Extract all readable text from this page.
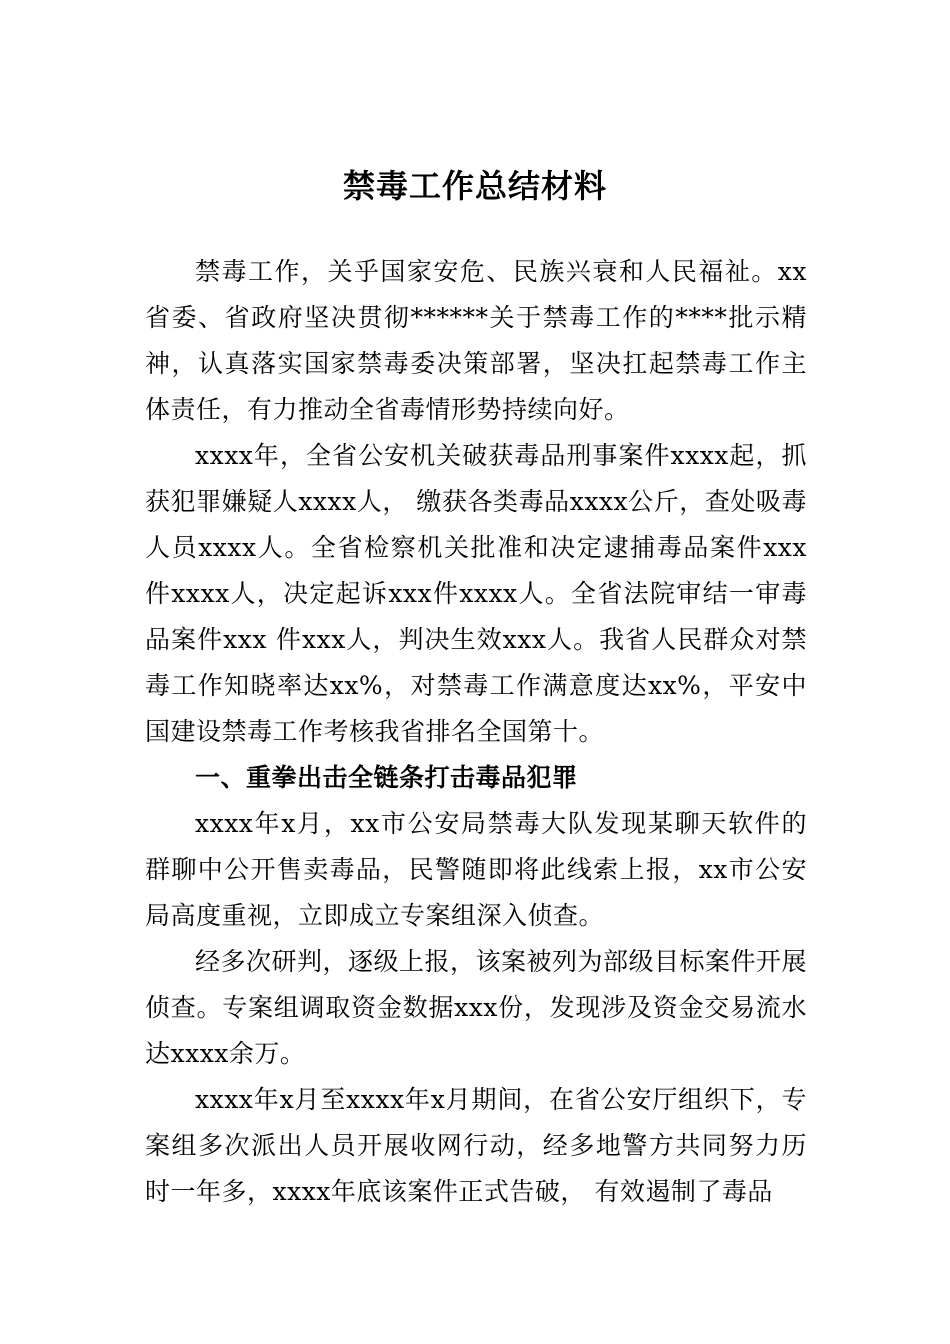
禁毒工作总结材料

禁毒工作，关乎国家安危、民族兴衰和人民福祉。xx省委、省政府坚决贯彻******关于禁毒工作的****批示精神，认真落实国家禁毒委决策部署，坚决扛起禁毒工作主体责任，有力推动全省毒情形势持续向好。

xxxx年，全省公安机关破获毒品刑事案件xxxx起，抓获犯罪嫌疑人xxxx人， 缴获各类毒品xxxx公斤，查处吸毒人员xxxx人。全省检察机关批准和决定逮捕毒品案件xxx件xxxx人，决定起诉xxx件xxxx人。全省法院审结一审毒品案件xxx 件xxx人，判决生效xxx人。我省人民群众对禁毒工作知晓率达xx%，对禁毒工作满意度达xx%，平安中国建设禁毒工作考核我省排名全国第十。

一、重拳出击全链条打击毒品犯罪

xxxx年x月，xx市公安局禁毒大队发现某聊天软件的群聊中公开售卖毒品，民警随即将此线索上报，xx市公安局高度重视，立即成立专案组深入侦查。

经多次研判，逐级上报，该案被列为部级目标案件开展侦查。专案组调取资金数据xxx份，发现涉及资金交易流水达xxxx余万。

xxxx年x月至xxxx年x月期间，在省公安厅组织下，专案组多次派出人员开展收网行动，经多地警方共同努力历时一年多，xxxx年底该案件正式告破， 有效遏制了毒品
